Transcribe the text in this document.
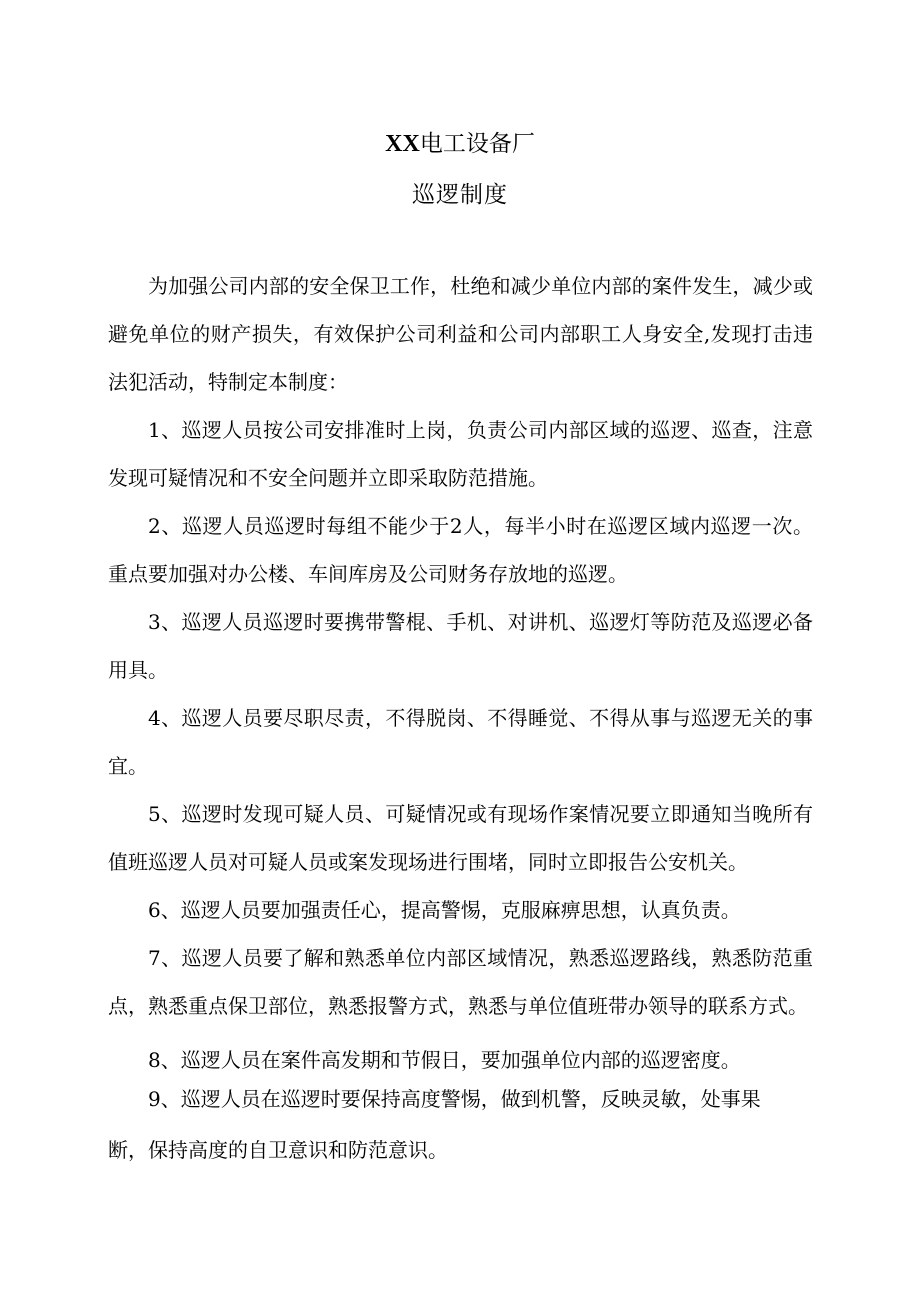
XX电工设备厂
巡逻制度

为加强公司内部的安全保卫工作，杜绝和减少单位内部的案件发生，减少或避免单位的财产损失，有效保护公司利益和公司内部职工人身安全,发现打击违法犯活动，特制定本制度：

1、巡逻人员按公司安排准时上岗，负责公司内部区域的巡逻、巡查，注意发现可疑情况和不安全问题并立即采取防范措施。

2、巡逻人员巡逻时每组不能少于2人，每半小时在巡逻区域内巡逻一次。重点要加强对办公楼、车间库房及公司财务存放地的巡逻。

3、巡逻人员巡逻时要携带警棍、手机、对讲机、巡逻灯等防范及巡逻必备用具。

4、巡逻人员要尽职尽责，不得脱岗、不得睡觉、不得从事与巡逻无关的事宜。

5、巡逻时发现可疑人员、可疑情况或有现场作案情况要立即通知当晚所有值班巡逻人员对可疑人员或案发现场进行围堵，同时立即报告公安机关。

6、巡逻人员要加强责任心，提高警惕，克服麻痹思想，认真负责。

7、巡逻人员要了解和熟悉单位内部区域情况，熟悉巡逻路线，熟悉防范重点，熟悉重点保卫部位，熟悉报警方式，熟悉与单位值班带办领导的联系方式。

8、巡逻人员在案件高发期和节假日，要加强单位内部的巡逻密度。

9、巡逻人员在巡逻时要保持高度警惕，做到机警，反映灵敏，处事果
断，保持高度的自卫意识和防范意识。
